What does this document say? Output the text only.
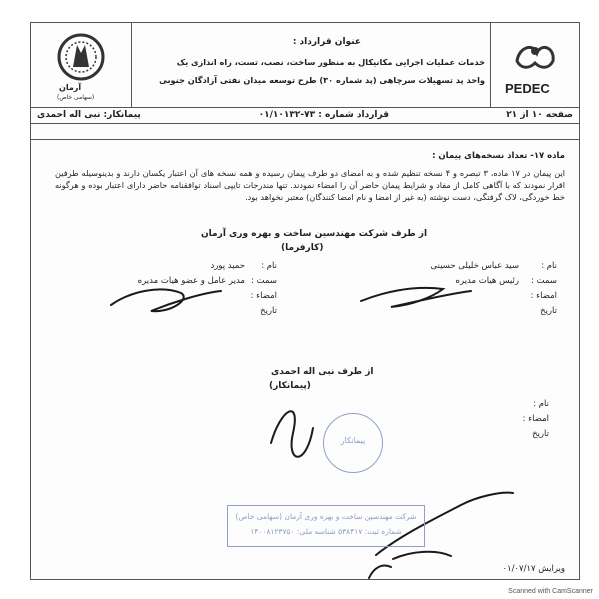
آرمان
(سهامی خاص)
عنوان قرارداد :
خدمات عملیات اجرایی مکانیکال به منظور ساخت، نصب، تست، راه اندازی یک
واحد پد تسهیلات سرچاهی (پد شماره ۳۰) طرح توسعه میدان نفتی آزادگان جنوبی
PEDEC
صفحه ۱۰ از ۲۱
قرارداد شماره : ۷۳-۰۱/۱۰۱۳۲
پیمانکار: نبی اله احمدی
ماده ۱۷- تعداد نسخه‌های پیمان :
این پیمان در ۱۷ ماده، ۳ تبصره و ۴ نسخه تنظیم شده و به امضای دو طرف پیمان رسیده و همه نسخه های آن اعتبار یکسان دارند و بدینوسیله طرفین اقرار نمودند که با آگاهی کامل از مفاد و شرایط پیمان حاضر آن را امضاء نمودند. تنها مندرجات تایپی اسناد توافقنامه حاضر دارای اعتبار بوده و هرگونه خط خوردگی، لاک گرفتگی، دست نوشته (به غیر از امضا و نام امضا کنندگان) معتبر نخواهد بود.
از طرف شرکت مهندسین ساخت و بهره وری آرمان
(کارفرما)
نام :
سید عباس خلیلی حسینی
سمت :
رئیس هیات مدیره
امضاء :
تاریخ
نام :
حمید پورد
سمت :
مدیر عامل و عضو هیات مدیره
امضاء :
تاریخ
از طرف نبی اله احمدی
(پیمانکار)
نام :
امضاء :
تاریخ
پیمانکار
شرکت مهندسین ساخت و بهره وری آرمان (سهامی خاص)
شماره ثبت: ۵۳۸۴۱۷ شناسه ملی: ۱۴۰۰۸۱۲۳۷۵۰
ویرایش ۰۱/۰۷/۱۷
Scanned with CamScanner
